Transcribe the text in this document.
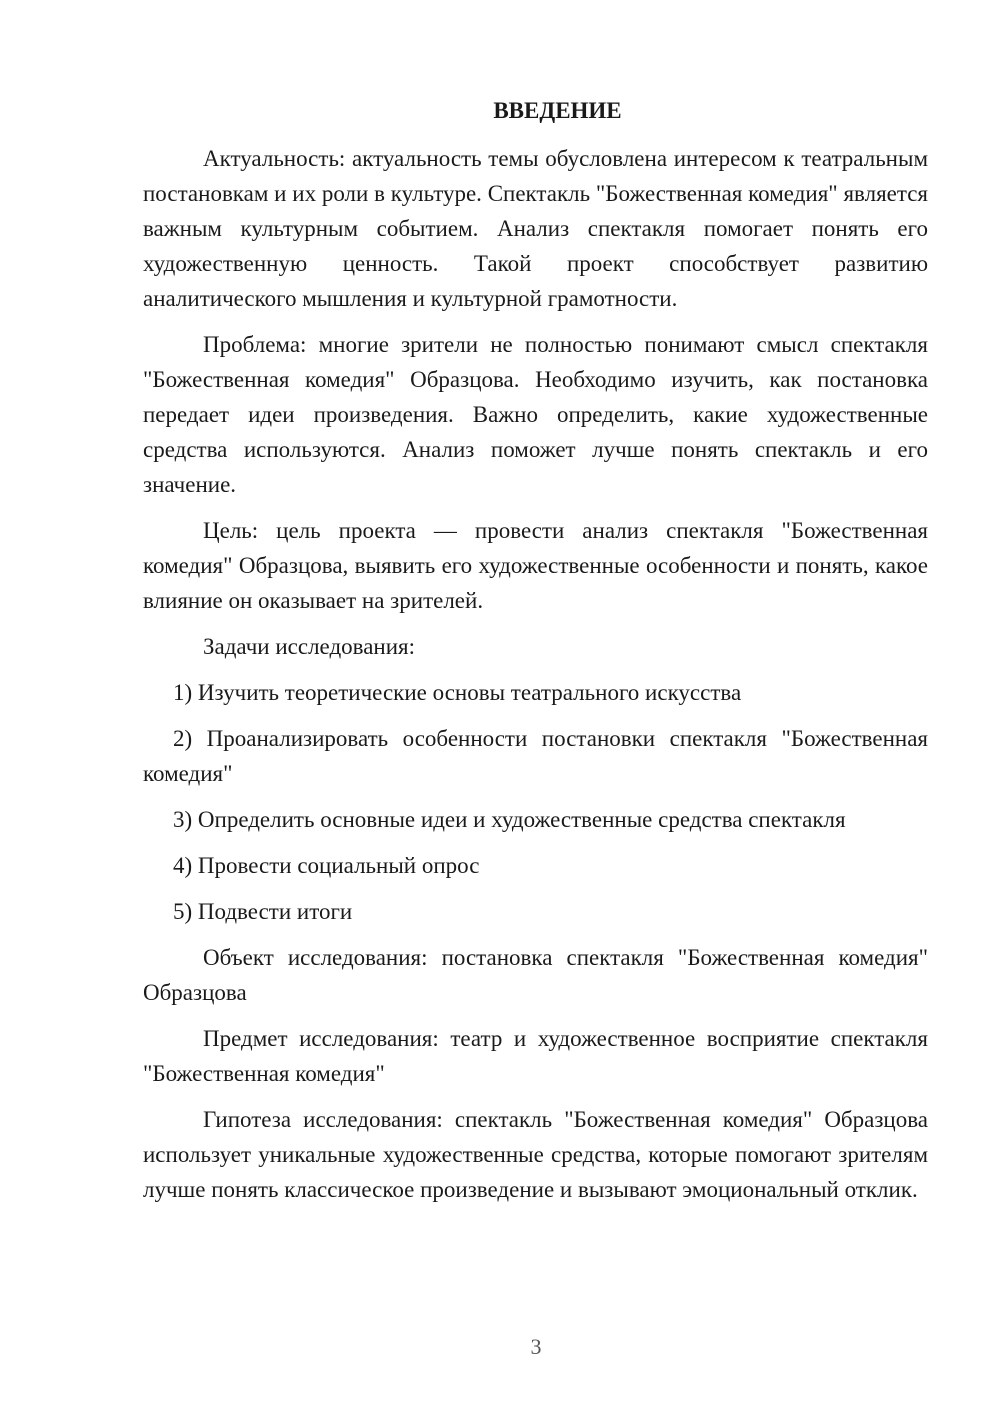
ВВЕДЕНИЕ

Актуальность: актуальность темы обусловлена интересом к театральным постановкам и их роли в культуре. Спектакль "Божественная комедия" является важным культурным событием. Анализ спектакля помогает понять его художественную ценность. Такой проект способствует развитию аналитического мышления и культурной грамотности.

Проблема: многие зрители не полностью понимают смысл спектакля "Божественная комедия" Образцова. Необходимо изучить, как постановка передает идеи произведения. Важно определить, какие художественные средства используются. Анализ поможет лучше понять спектакль и его значение.

Цель: цель проекта — провести анализ спектакля "Божественная комедия" Образцова, выявить его художественные особенности и понять, какое влияние он оказывает на зрителей.

Задачи исследования:

1) Изучить теоретические основы театрального искусства

2) Проанализировать особенности постановки спектакля "Божественная комедия"

3) Определить основные идеи и художественные средства спектакля

4) Провести социальный опрос

5) Подвести итоги

Объект исследования: постановка спектакля "Божественная комедия" Образцова

Предмет исследования: театр и художественное восприятие спектакля "Божественная комедия"

Гипотеза исследования: спектакль "Божественная комедия" Образцова использует уникальные художественные средства, которые помогают зрителям лучше понять классическое произведение и вызывают эмоциональный отклик.

3
